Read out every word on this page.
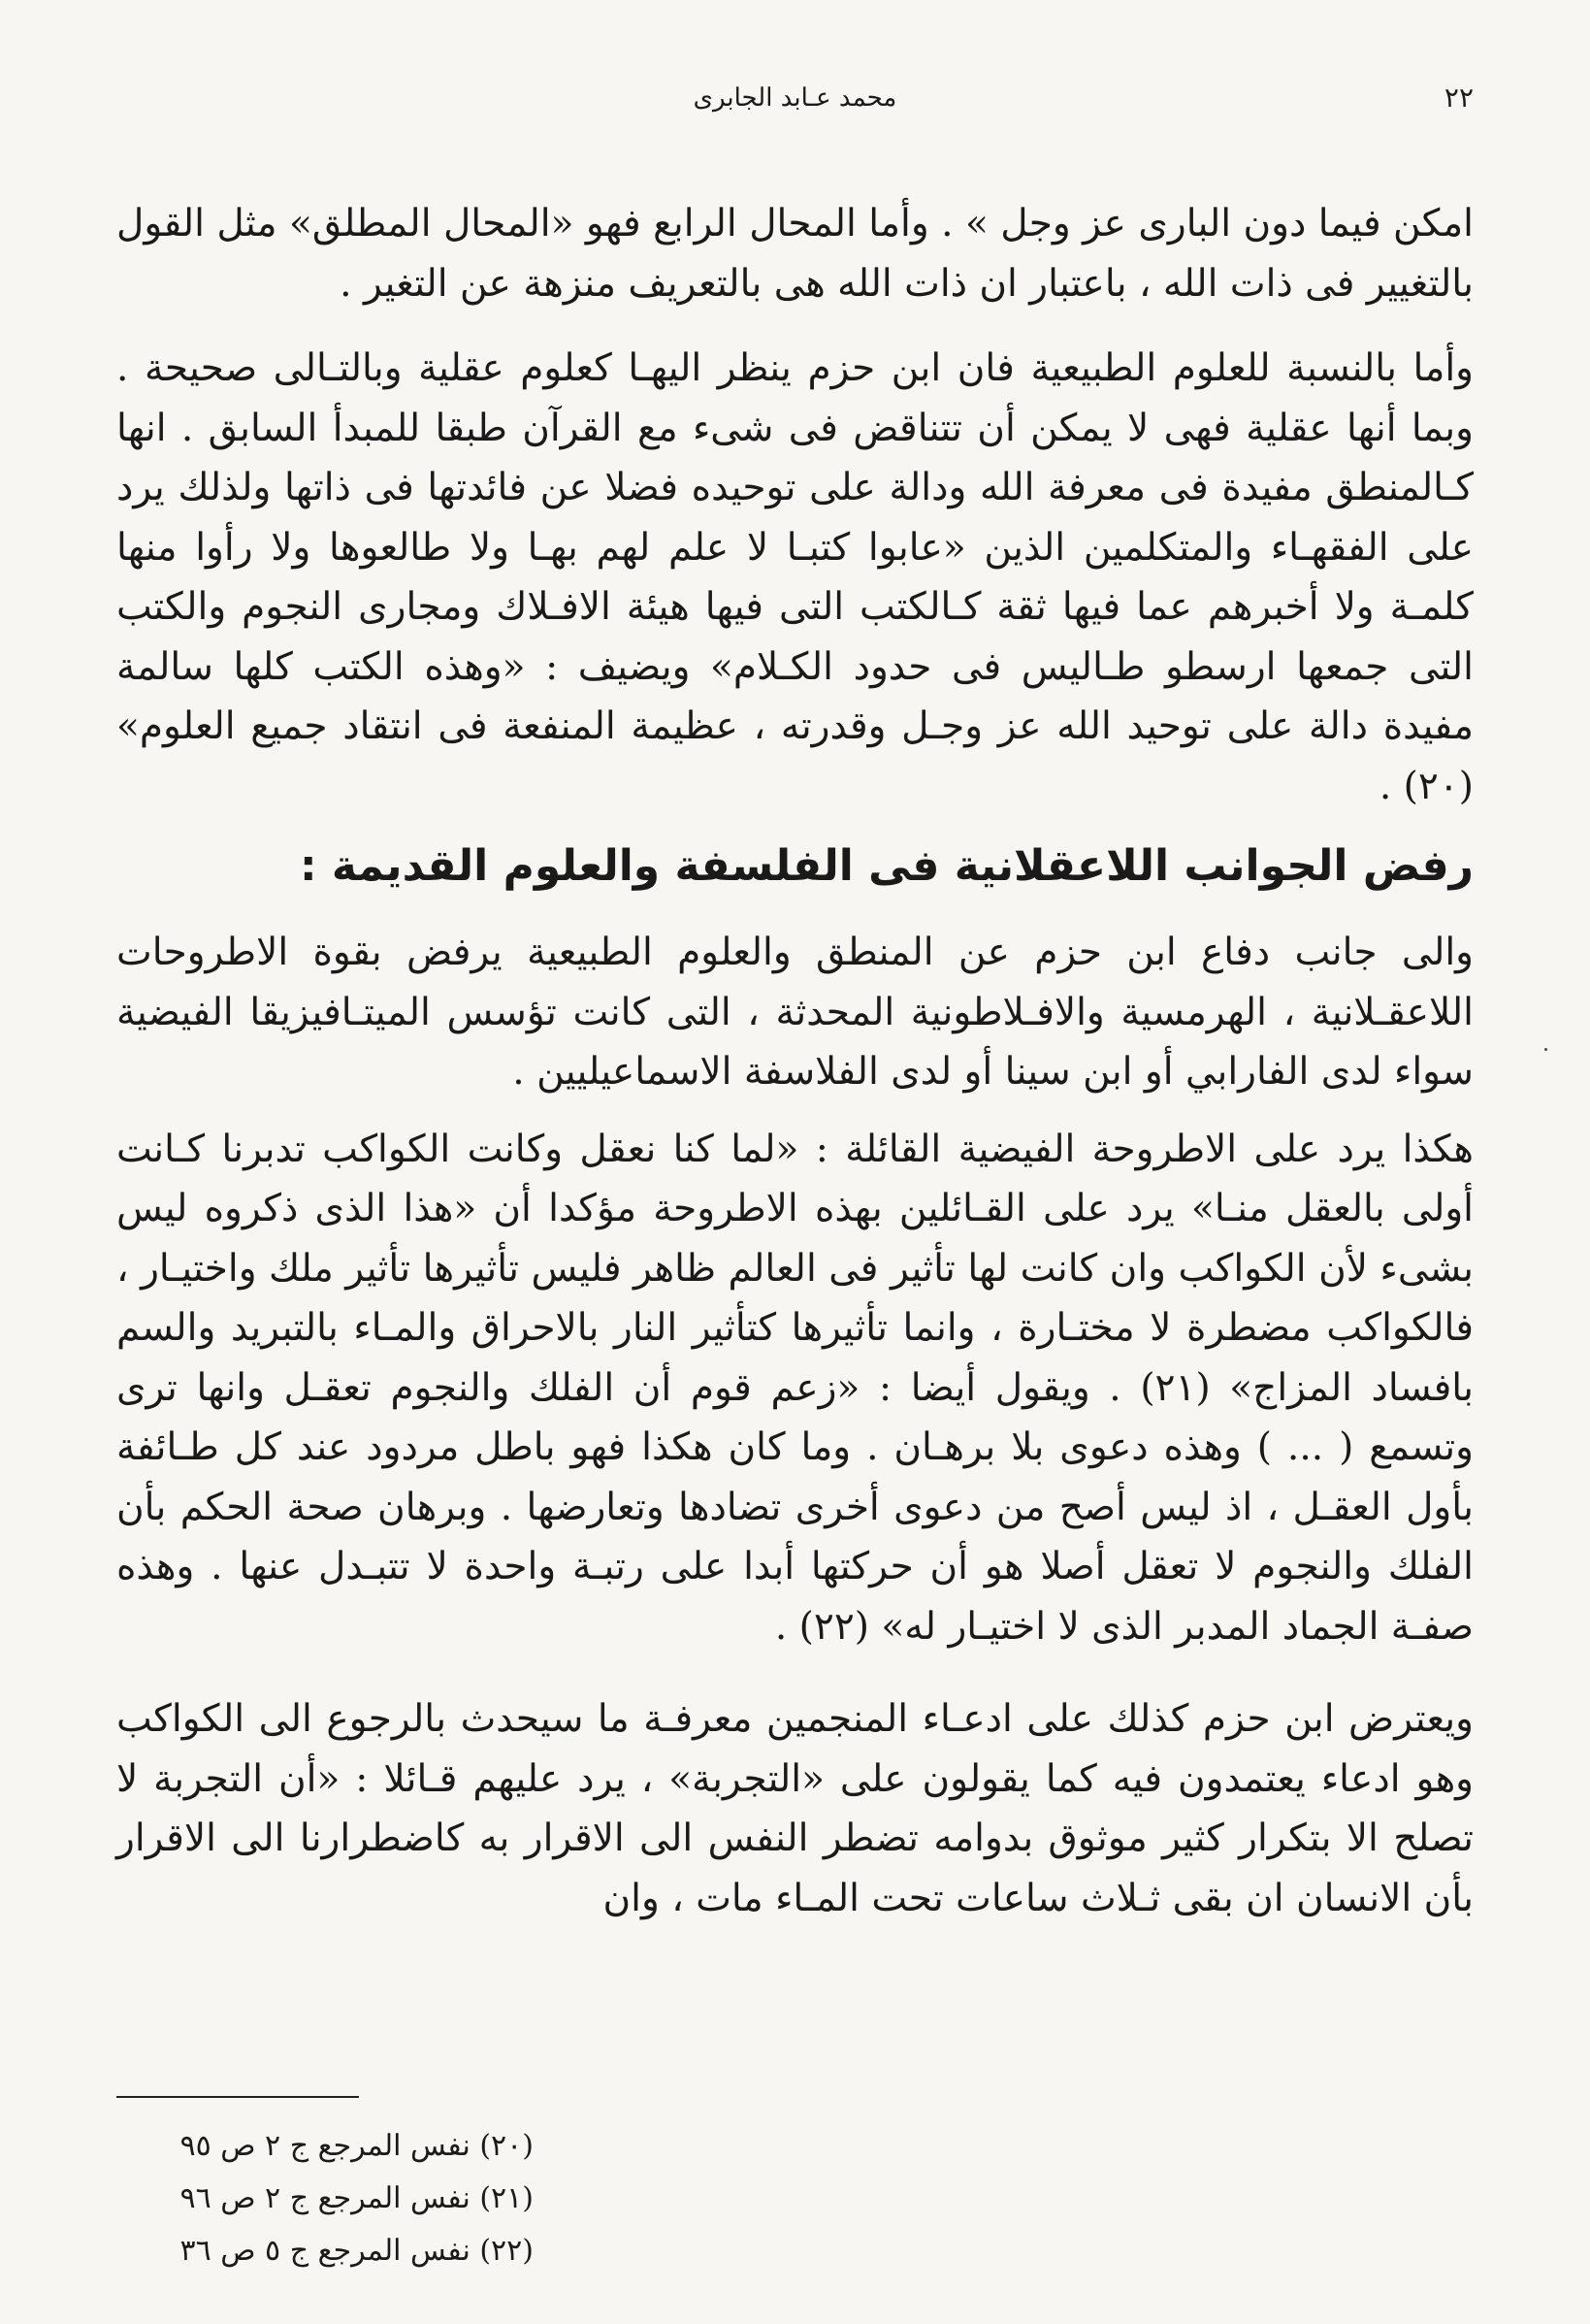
٢٢
محمد عـابد الجابرى

امكن فيما دون البارى عز وجل » . وأما المحال الرابع فهو «المحال المطلق» مثل القول بالتغيير فى ذات الله ، باعتبار ان ذات الله هى بالتعريف منزهة عن التغير .

وأما بالنسبة للعلوم الطبيعية فان ابن حزم ينظر اليهـا كعلوم عقلية وبالتـالى صحيحة . وبما أنها عقلية فهى لا يمكن أن تتناقض فى شىء مع القرآن طبقا للمبدأ السابق . انها كـالمنطق مفيدة فى معرفة الله ودالة على توحيده فضلا عن فائدتها فى ذاتها ولذلك يرد على الفقهـاء والمتكلمين الذين «عابوا كتبـا لا علم لهم بهـا ولا طالعوها ولا رأوا منها كلمـة ولا أخبرهم عما فيها ثقة كـالكتب التى فيها هيئة الافـلاك ومجارى النجوم والكتب التى جمعها ارسطو طـاليس فى حدود الكـلام» ويضيف : «وهذه الكتب كلها سالمة مفيدة دالة على توحيد الله عز وجـل وقدرته ، عظيمة المنفعة فى انتقاد جميع العلوم» (٢٠) .

رفض الجوانب اللاعقلانية فى الفلسفة والعلوم القديمة :

والى جانب دفاع ابن حزم عن المنطق والعلوم الطبيعية يرفض بقوة الاطروحات اللاعقـلانية ، الهرمسية والافـلاطونية المحدثة ، التى كانت تؤسس الميتـافيزيقا الفيضية سواء لدى الفارابي أو ابن سينا أو لدى الفلاسفة الاسماعيليين .

هكذا يرد على الاطروحة الفيضية القائلة : «لما كنا نعقل وكانت الكواكب تدبرنا كـانت أولى بالعقل منـا» يرد على القـائلين بهذه الاطروحة مؤكدا أن «هذا الذى ذكروه ليس بشىء لأن الكواكب وان كانت لها تأثير فى العالم ظاهر فليس تأثيرها تأثير ملك واختيـار ، فالكواكب مضطرة لا مختـارة ، وانما تأثيرها كتأثير النار بالاحراق والمـاء بالتبريد والسم بافساد المزاج» (٢١) . ويقول أيضا : «زعم قوم أن الفلك والنجوم تعقـل وانها ترى وتسمع ( ... ) وهذه دعوى بلا برهـان . وما كان هكذا فهو باطل مردود عند كل طـائفة بأول العقـل ، اذ ليس أصح من دعوى أخرى تضادها وتعارضها . وبرهان صحة الحكم بأن الفلك والنجوم لا تعقل أصلا هو أن حركتها أبدا على رتبـة واحدة لا تتبـدل عنها . وهذه صفـة الجماد المدبر الذى لا اختيـار له» (٢٢) .

ويعترض ابن حزم كذلك على ادعـاء المنجمين معرفـة ما سيحدث بالرجوع الى الكواكب وهو ادعاء يعتمدون فيه كما يقولون على «التجربة» ، يرد عليهم قـائلا : «أن التجربة لا تصلح الا بتكرار كثير موثوق بدوامه تضطر النفس الى الاقرار به كاضطرارنا الى الاقرار بأن الانسان ان بقى ثـلاث ساعات تحت المـاء مات ، وان

(٢٠) نفس المرجع ج ٢ ص ٩٥
(٢١) نفس المرجع ج ٢ ص ٩٦
(٢٢) نفس المرجع ج ٥ ص ٣٦
